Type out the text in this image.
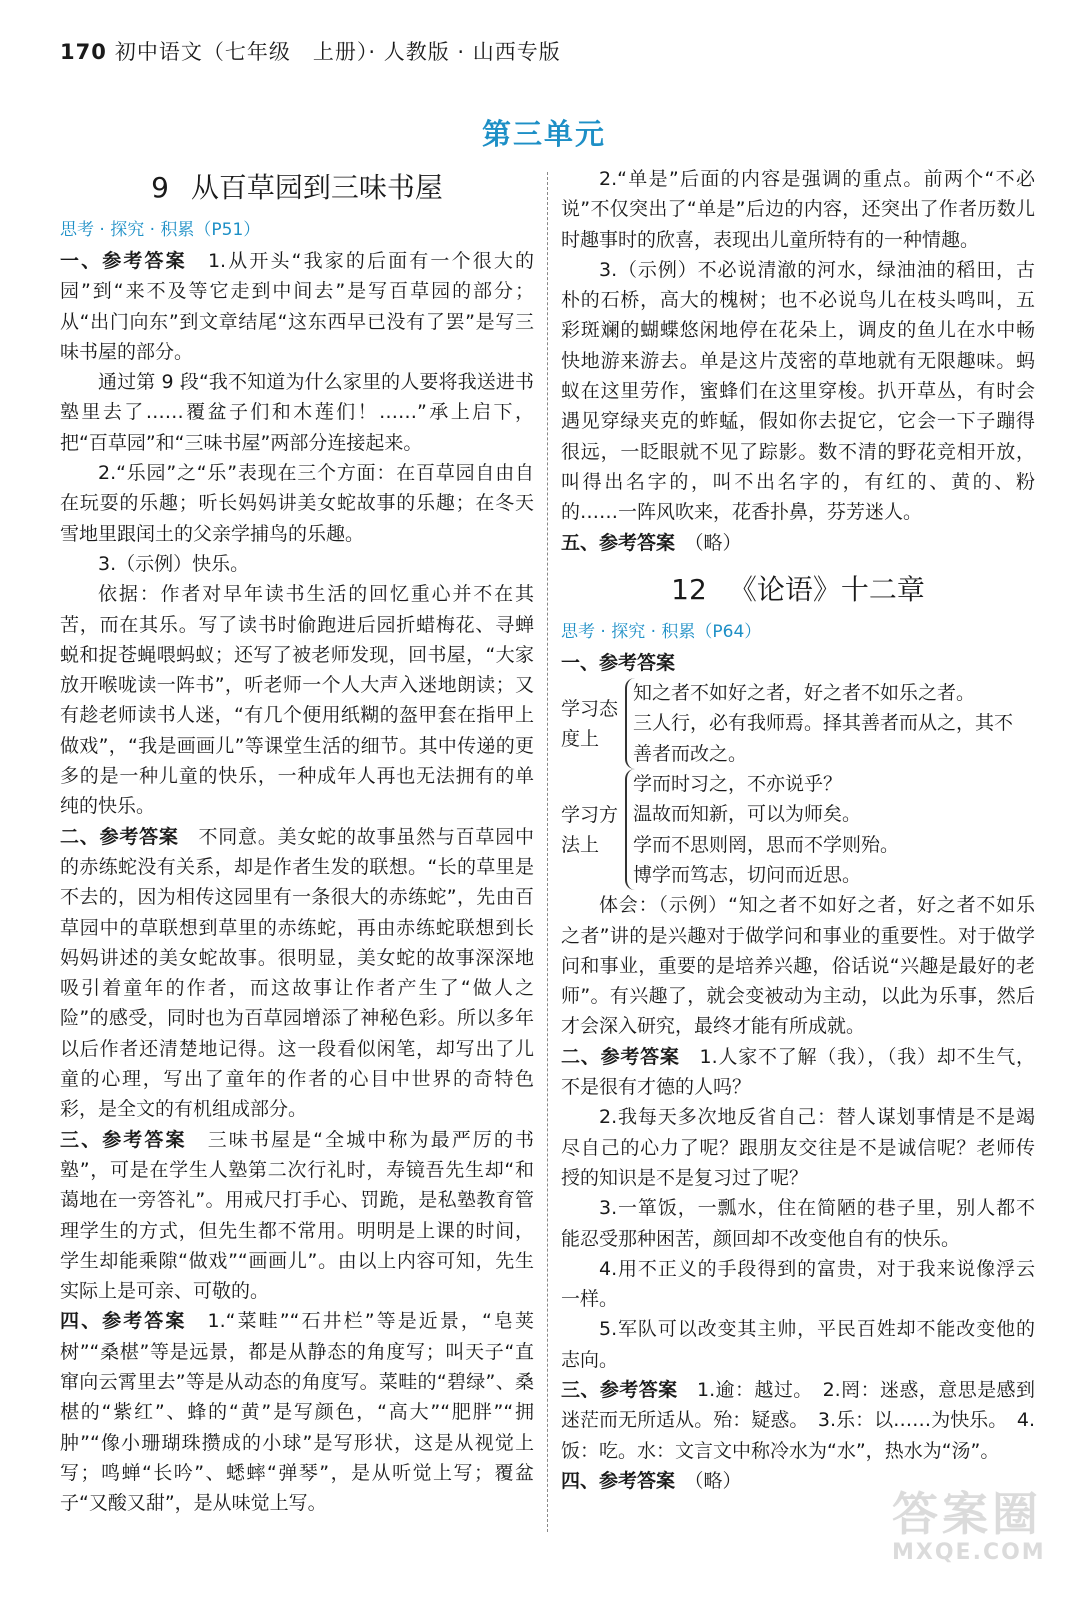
170 初中语文（七年级　上册）· 人教版 · 山西专版
第三单元
9 从百草园到三味书屋
思考 · 探究 · 积累（P51）

一、参考答案　1.从开头“我家的后面有一个很大的园”到“来不及等它走到中间去”是写百草园的部分；从“出门向东”到文章结尾“这东西早已没有了罢”是写三味书屋的部分。

通过第 9 段“我不知道为什么家里的人要将我送进书塾里去了……覆盆子们和木莲们！……”承上启下，把“百草园”和“三味书屋”两部分连接起来。

2.“乐园”之“乐”表现在三个方面：在百草园自由自在玩耍的乐趣；听长妈妈讲美女蛇故事的乐趣；在冬天雪地里跟闰土的父亲学捕鸟的乐趣。

3.（示例）快乐。

依据：作者对早年读书生活的回忆重心并不在其苦，而在其乐。写了读书时偷跑进后园折蜡梅花、寻蝉蜕和捉苍蝇喂蚂蚁；还写了被老师发现，回书屋，“大家放开喉咙读一阵书”，听老师一个人大声入迷地朗读；又有趁老师读书人迷，“有几个便用纸糊的盔甲套在指甲上做戏”，“我是画画儿”等课堂生活的细节。其中传递的更多的是一种儿童的快乐，一种成年人再也无法拥有的单纯的快乐。

二、参考答案　不同意。美女蛇的故事虽然与百草园中的赤练蛇没有关系，却是作者生发的联想。“长的草里是不去的，因为相传这园里有一条很大的赤练蛇”，先由百草园中的草联想到草里的赤练蛇，再由赤练蛇联想到长妈妈讲述的美女蛇故事。很明显，美女蛇的故事深深地吸引着童年的作者，而这故事让作者产生了“做人之险”的感受，同时也为百草园增添了神秘色彩。所以多年以后作者还清楚地记得。这一段看似闲笔，却写出了儿童的心理，写出了童年的作者的心目中世界的奇特色彩，是全文的有机组成部分。

三、参考答案　三味书屋是“全城中称为最严厉的书塾”，可是在学生人塾第二次行礼时，寿镜吾先生却“和蔼地在一旁答礼”。用戒尺打手心、罚跪，是私塾教育管理学生的方式，但先生都不常用。明明是上课的时间，学生却能乘隙“做戏”“画画儿”。由以上内容可知，先生实际上是可亲、可敬的。

四、参考答案　1.“菜畦”“石井栏”等是近景，“皂荚树”“桑椹”等是远景，都是从静态的角度写；叫天子“直窜向云霄里去”等是从动态的角度写。菜畦的“碧绿”、桑椹的“紫红”、蜂的“黄”是写颜色，“高大”“肥胖”“拥肿”“像小珊瑚珠攒成的小球”是写形状，这是从视觉上写；鸣蝉“长吟”、蟋蟀“弹琴”，是从听觉上写；覆盆子“又酸又甜”，是从味觉上写。

2.“单是”后面的内容是强调的重点。前两个“不必说”不仅突出了“单是”后边的内容，还突出了作者历数儿时趣事时的欣喜，表现出儿童所特有的一种情趣。

3.（示例）不必说清澈的河水，绿油油的稻田，古朴的石桥，高大的槐树；也不必说鸟儿在枝头鸣叫，五彩斑斓的蝴蝶悠闲地停在花朵上，调皮的鱼儿在水中畅快地游来游去。单是这片茂密的草地就有无限趣味。蚂蚁在这里劳作，蜜蜂们在这里穿梭。扒开草丛，有时会遇见穿绿夹克的蚱蜢，假如你去捉它，它会一下子蹦得很远，一眨眼就不见了踪影。数不清的野花竞相开放，叫得出名字的，叫不出名字的，有红的、黄的、粉的……一阵风吹来，花香扑鼻，芬芳迷人。

五、参考答案　（略）

12 《论语》十二章
思考 · 探究 · 积累（P64）

一、参考答案

学习态度上
知之者不如好之者，好之者不如乐之者。
三人行，必有我师焉。择其善者而从之，其不
善者而改之。
学习方法上
学而时习之，不亦说乎？
温故而知新，可以为师矣。
学而不思则罔，思而不学则殆。
博学而笃志，切问而近思。

体会：（示例）“知之者不如好之者，好之者不如乐之者”讲的是兴趣对于做学问和事业的重要性。对于做学问和事业，重要的是培养兴趣，俗话说“兴趣是最好的老师”。有兴趣了，就会变被动为主动，以此为乐事，然后才会深入研究，最终才能有所成就。

二、参考答案　1.人家不了解（我），（我）却不生气，不是很有才德的人吗？

2.我每天多次地反省自己：替人谋划事情是不是竭尽自己的心力了呢？跟朋友交往是不是诚信呢？老师传授的知识是不是复习过了呢？

3.一箪饭，一瓢水，住在简陋的巷子里，别人都不能忍受那种困苦，颜回却不改变他自有的快乐。

4.用不正义的手段得到的富贵，对于我来说像浮云一样。

5.军队可以改变其主帅，平民百姓却不能改变他的志向。

三、参考答案　1.逾：越过。　2.罔：迷惑，意思是感到迷茫而无所适从。殆：疑惑。　3.乐：以……为快乐。　4.饭：吃。水：文言文中称冷水为“水”，热水为“汤”。

四、参考答案　（略）

答案圈
MXQE.COM
